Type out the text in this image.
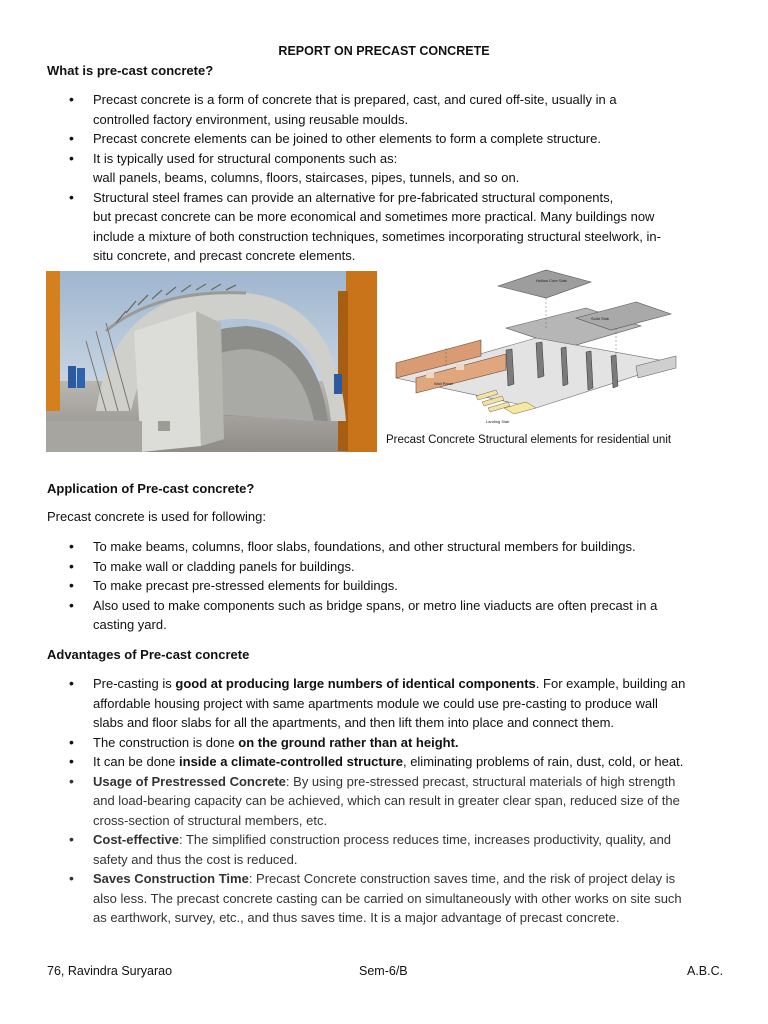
REPORT ON PRECAST CONCRETE
What is pre-cast concrete?
• Precast concrete is a form of concrete that is prepared, cast, and cured off-site, usually in a
controlled factory environment, using reusable moulds.
• Precast concrete elements can be joined to other elements to form a complete structure.
• It is typically used for structural components such as:
wall panels, beams, columns, floors, staircases, pipes, tunnels, and so on.
• Structural steel frames can provide an alternative for pre-fabricated structural components,
but precast concrete can be more economical and sometimes more practical. Many buildings now
include a mixture of both construction techniques, sometimes incorporating structural steelwork, in-
situ concrete, and precast concrete elements.
Hollow Core Slab
Solid Slab
Wall Panel
Landing Slab
Precast Concrete Structural elements for residential unit
Application of Pre-cast concrete?
Precast concrete is used for following:
• To make beams, columns, floor slabs, foundations, and other structural members for buildings.
• To make wall or cladding panels for buildings.
• To make precast pre-stressed elements for buildings.
• Also used to make components such as bridge spans, or metro line viaducts are often precast in a
casting yard.
Advantages of Pre-cast concrete
• Pre-casting is good at producing large numbers of identical components. For example, building an
affordable housing project with same apartments module we could use pre-casting to produce wall
slabs and floor slabs for all the apartments, and then lift them into place and connect them.
• The construction is done on the ground rather than at height.
• It can be done inside a climate-controlled structure, eliminating problems of rain, dust, cold, or heat.
• Usage of Prestressed Concrete: By using pre-stressed precast, structural materials of high strength
and load-bearing capacity can be achieved, which can result in greater clear span, reduced size of the
cross-section of structural members, etc.
• Cost-effective: The simplified construction process reduces time, increases productivity, quality, and
safety and thus the cost is reduced.
• Saves Construction Time: Precast Concrete construction saves time, and the risk of project delay is
also less. The precast concrete casting can be carried on simultaneously with other works on site such
as earthwork, survey, etc., and thus saves time. It is a major advantage of precast concrete.
76, Ravindra Suryarao	Sem-6/B	A.B.C.
